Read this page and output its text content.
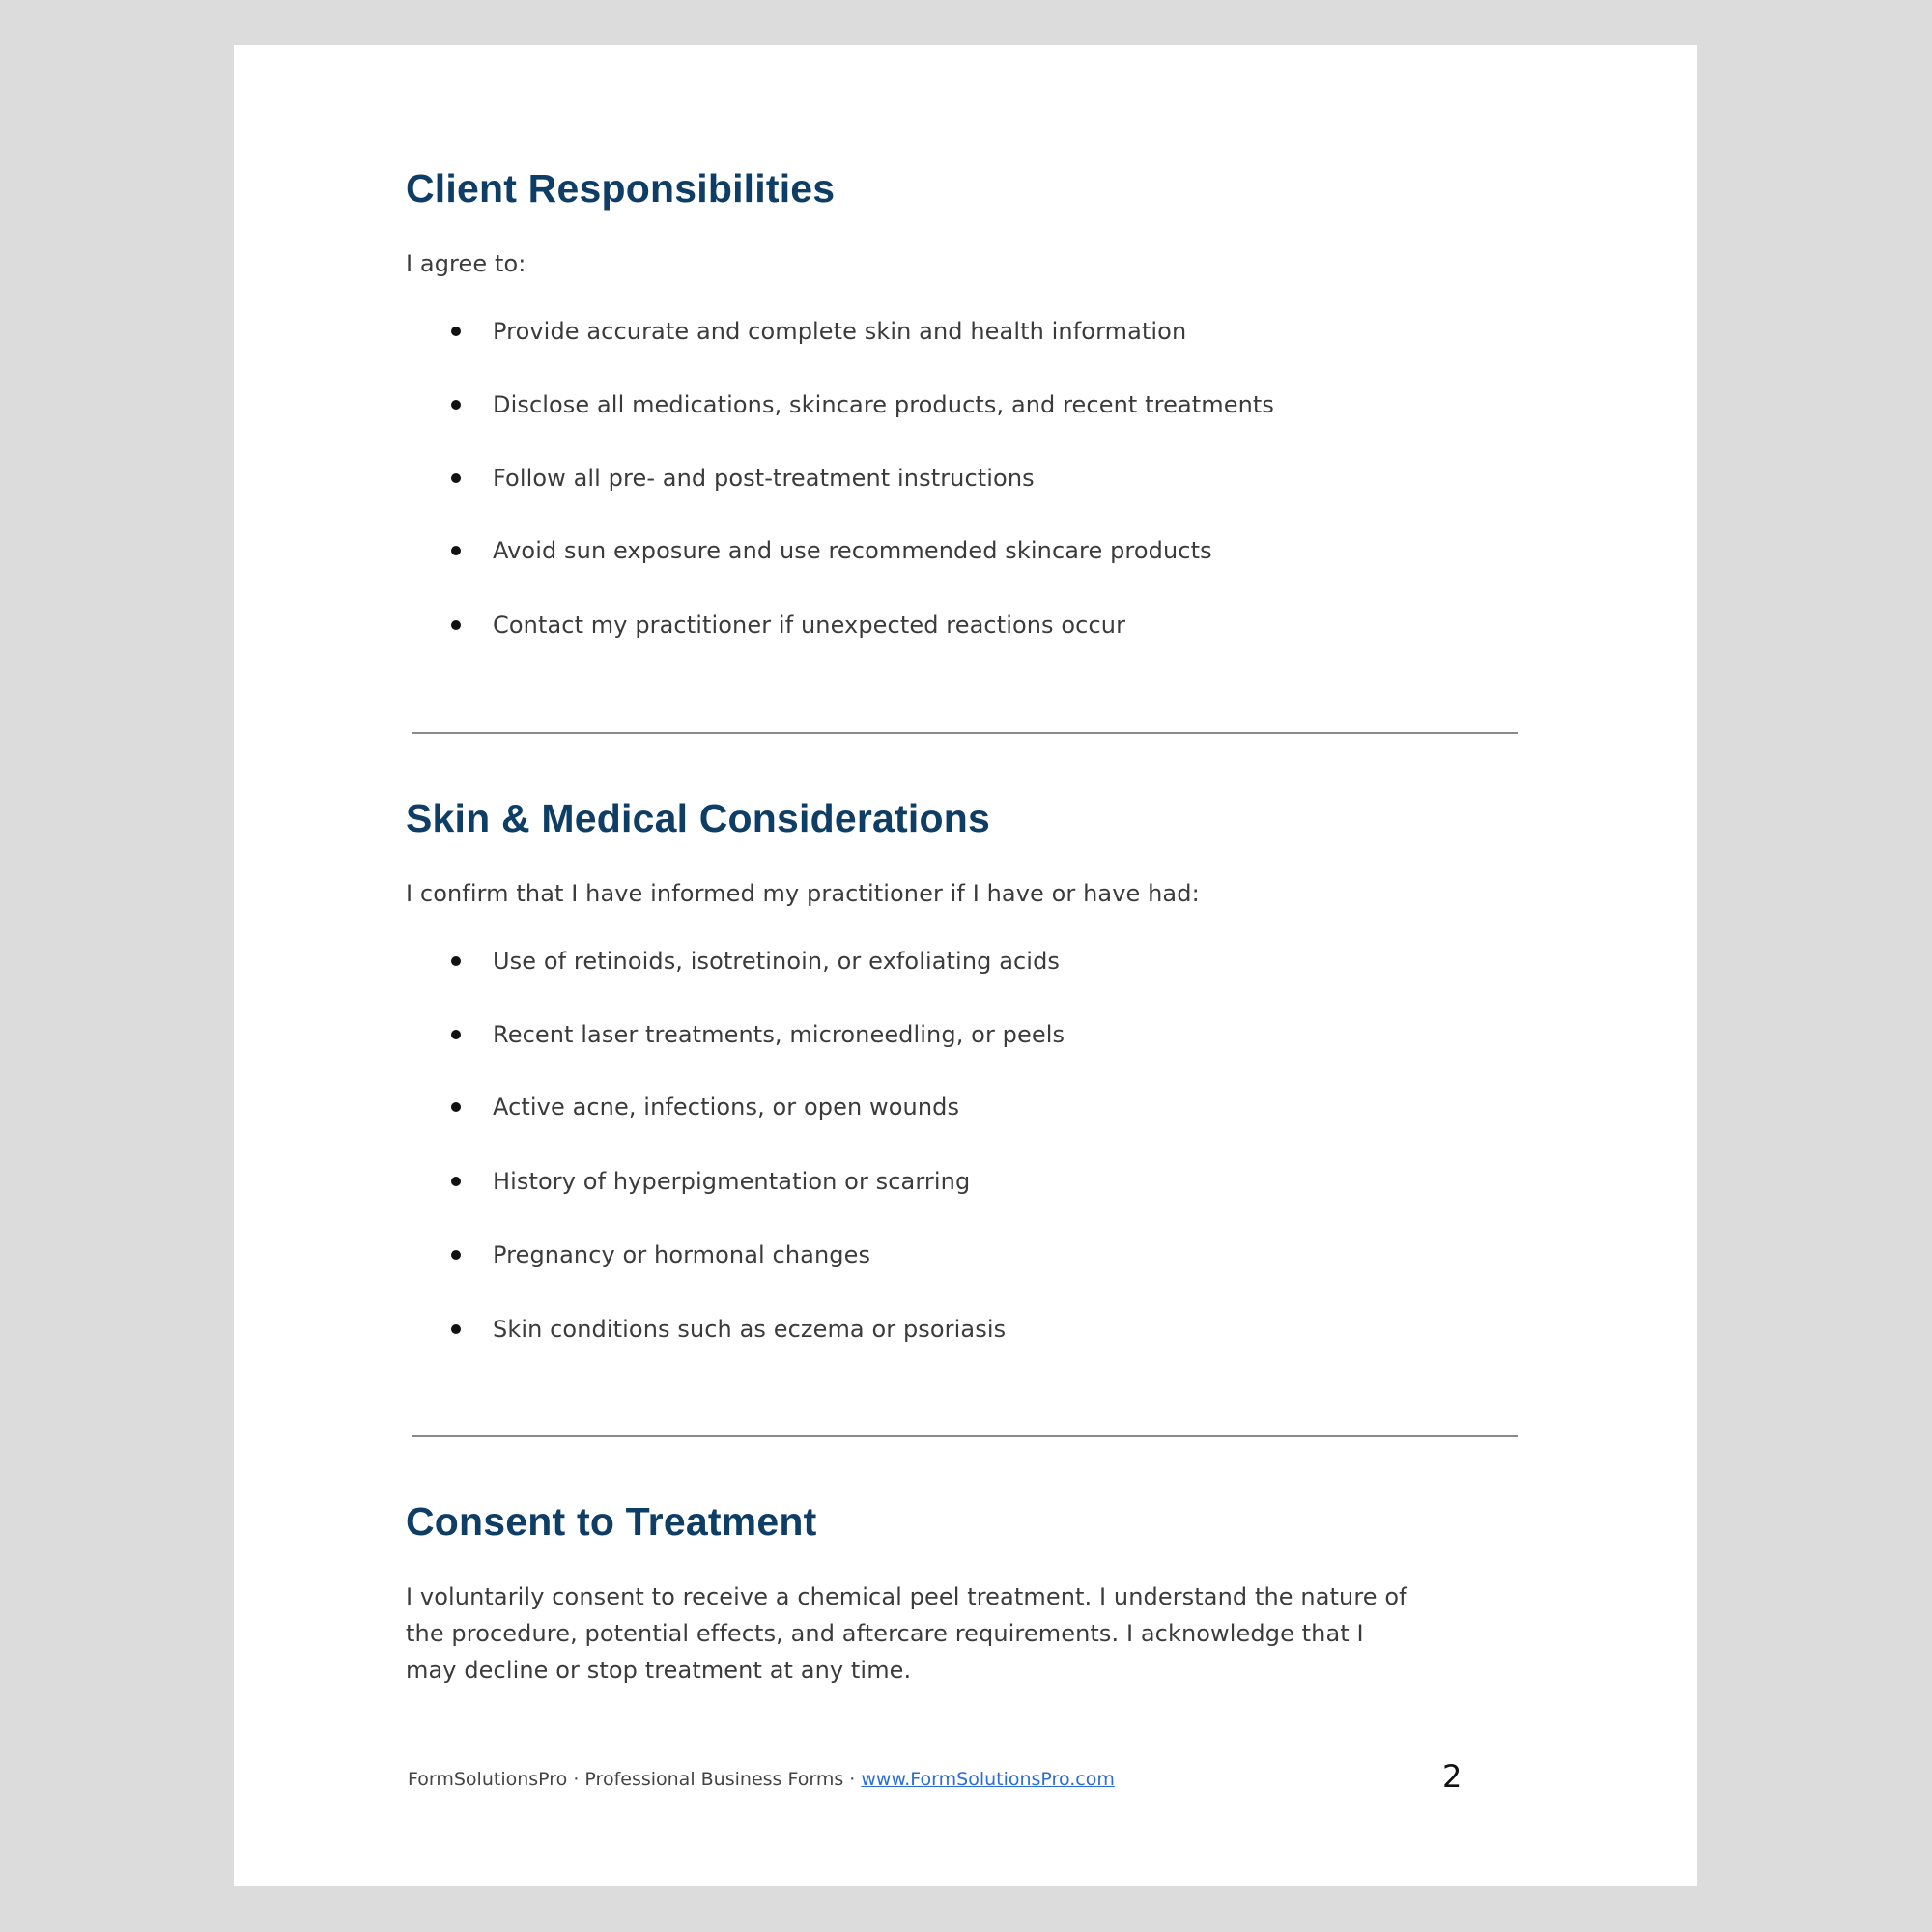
Client Responsibilities
I agree to:
Provide accurate and complete skin and health information
Disclose all medications, skincare products, and recent treatments
Follow all pre- and post-treatment instructions
Avoid sun exposure and use recommended skincare products
Contact my practitioner if unexpected reactions occur
Skin & Medical Considerations
I confirm that I have informed my practitioner if I have or have had:
Use of retinoids, isotretinoin, or exfoliating acids
Recent laser treatments, microneedling, or peels
Active acne, infections, or open wounds
History of hyperpigmentation or scarring
Pregnancy or hormonal changes
Skin conditions such as eczema or psoriasis
Consent to Treatment
I voluntarily consent to receive a chemical peel treatment. I understand the nature of
the procedure, potential effects, and aftercare requirements. I acknowledge that I
may decline or stop treatment at any time.
FormSolutionsPro · Professional Business Forms · www.FormSolutionsPro.com	2
